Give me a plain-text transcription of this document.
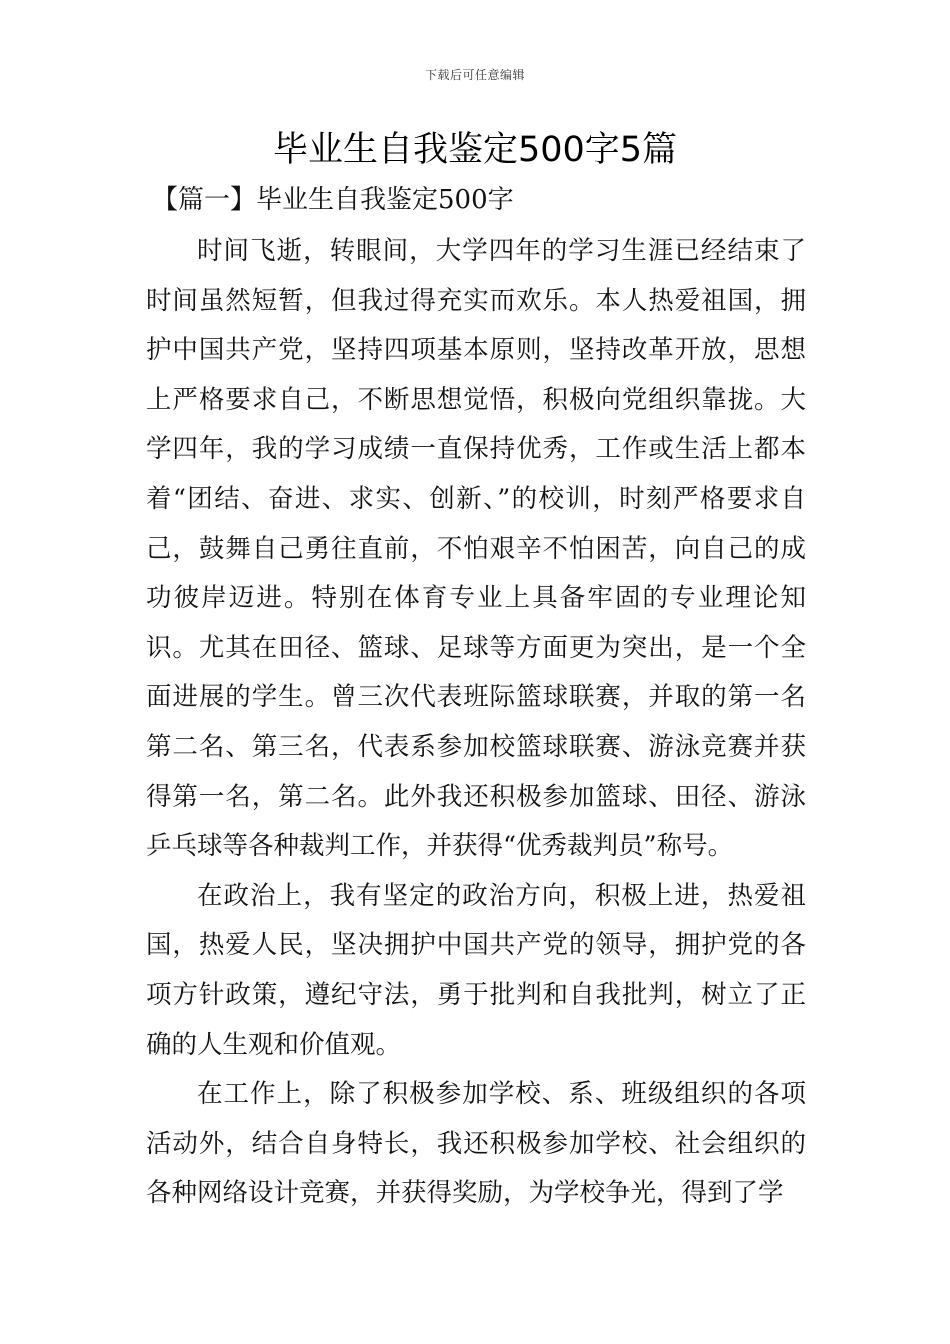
下载后可任意编辑
毕业生自我鉴定500字5篇
【篇一】毕业生自我鉴定500字

时间飞逝，转眼间，大学四年的学习生涯已经结束了时间虽然短暂，但我过得充实而欢乐。本人热爱祖国，拥护中国共产党，坚持四项基本原则，坚持改革开放，思想上严格要求自己，不断思想觉悟，积极向党组织靠拢。大学四年，我的学习成绩一直保持优秀，工作或生活上都本着“团结、奋进、求实、创新、”的校训，时刻严格要求自己，鼓舞自己勇往直前，不怕艰辛不怕困苦，向自己的成功彼岸迈进。特别在体育专业上具备牢固的专业理论知识。尤其在田径、篮球、足球等方面更为突出，是一个全面进展的学生。曾三次代表班际篮球联赛，并取的第一名第二名、第三名，代表系参加校篮球联赛、游泳竞赛并获得第一名，第二名。此外我还积极参加篮球、田径、游泳乒乓球等各种裁判工作，并获得“优秀裁判员”称号。

在政治上，我有坚定的政治方向，积极上进，热爱祖国，热爱人民，坚决拥护中国共产党的领导，拥护党的各项方针政策，遵纪守法，勇于批判和自我批判，树立了正确的人生观和价值观。

在工作上，除了积极参加学校、系、班级组织的各项活动外，结合自身特长，我还积极参加学校、社会组织的各种网络设计竞赛，并获得奖励，为学校争光，得到了学
